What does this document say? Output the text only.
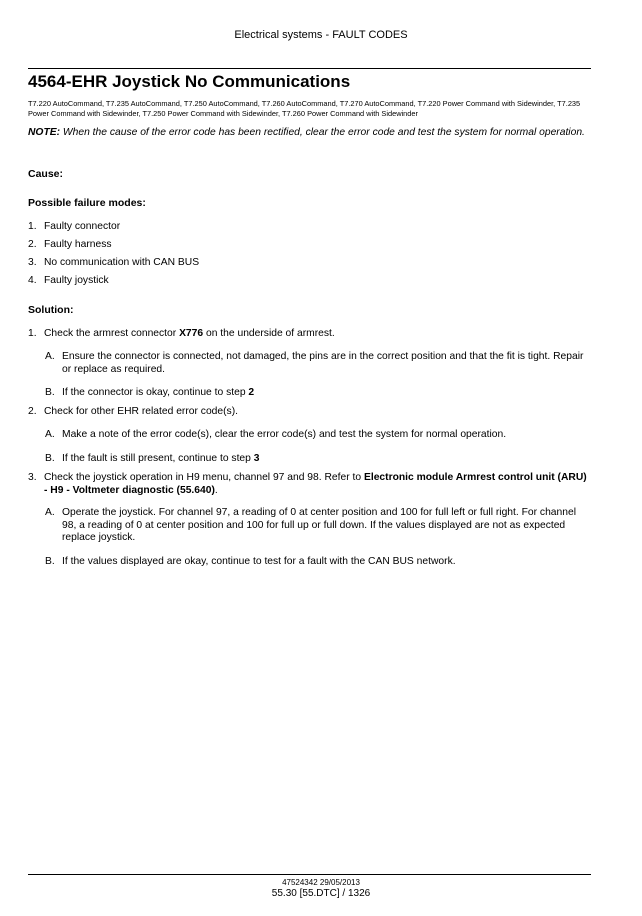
Electrical systems - FAULT CODES
4564-EHR Joystick No Communications
T7.220 AutoCommand, T7.235 AutoCommand, T7.250 AutoCommand, T7.260 AutoCommand, T7.270 AutoCommand, T7.220 Power Command with Sidewinder, T7.235 Power Command with Sidewinder, T7.250 Power Command with Sidewinder, T7.260 Power Command with Sidewinder
NOTE: When the cause of the error code has been rectified, clear the error code and test the system for normal operation.
Cause:
Possible failure modes:
1. Faulty connector
2. Faulty harness
3. No communication with CAN BUS
4. Faulty joystick
Solution:
1. Check the armrest connector X776 on the underside of armrest.
A. Ensure the connector is connected, not damaged, the pins are in the correct position and that the fit is tight. Repair or replace as required.
B. If the connector is okay, continue to step 2
2. Check for other EHR related error code(s).
A. Make a note of the error code(s), clear the error code(s) and test the system for normal operation.
B. If the fault is still present, continue to step 3
3. Check the joystick operation in H9 menu, channel 97 and 98. Refer to Electronic module Armrest control unit (ARU) - H9 - Voltmeter diagnostic (55.640).
A. Operate the joystick. For channel 97, a reading of 0 at center position and 100 for full left or full right. For channel 98, a reading of 0 at center position and 100 for full up or full down. If the values displayed are not as expected replace joystick.
B. If the values displayed are okay, continue to test for a fault with the CAN BUS network.
47524342 29/05/2013
55.30 [55.DTC] / 1326
